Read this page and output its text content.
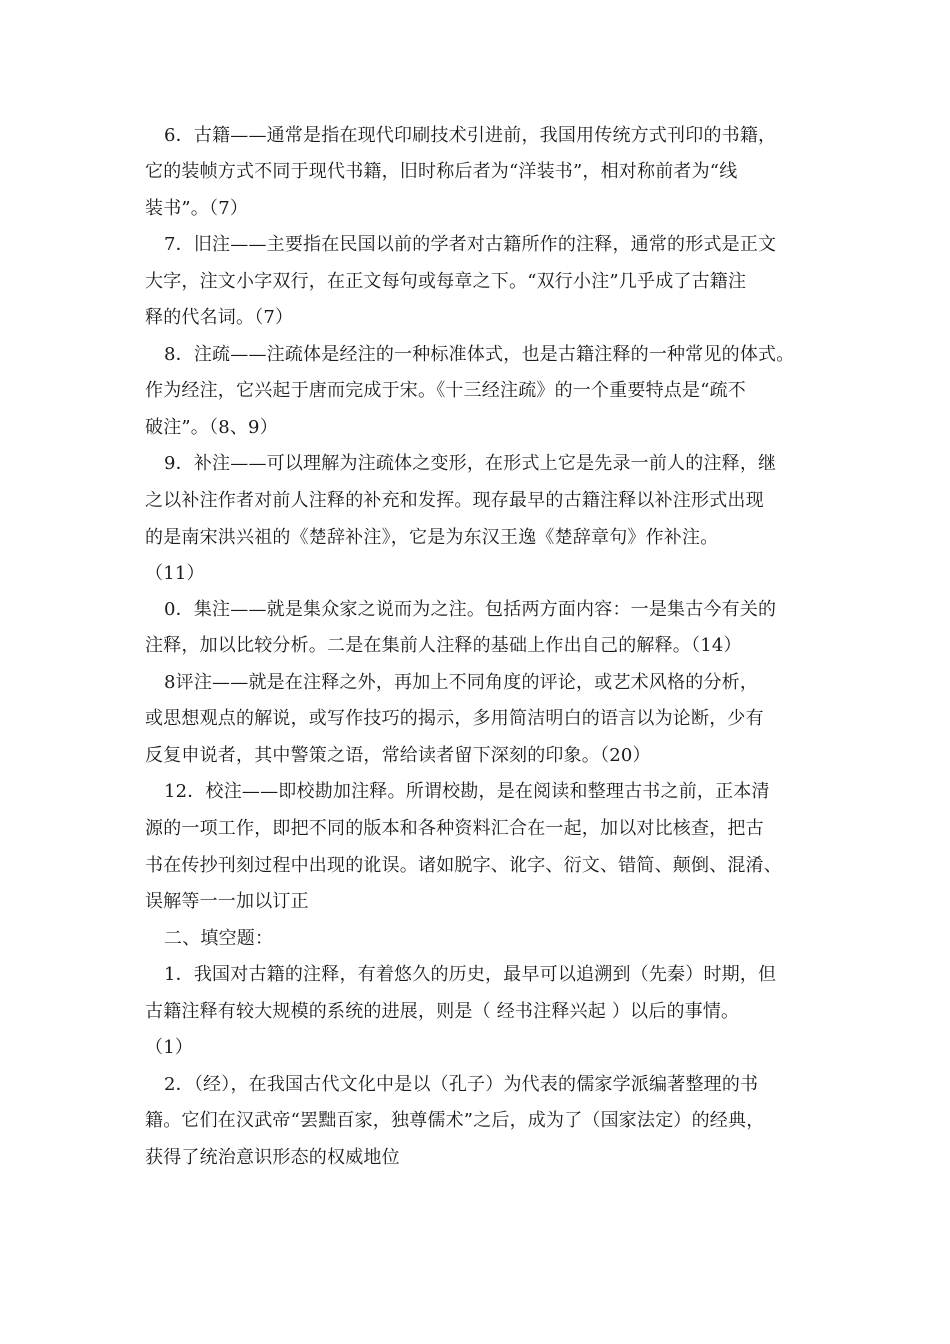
6．古籍——通常是指在现代印刷技术引进前，我国用传统方式刊印的书籍，
它的装帧方式不同于现代书籍，旧时称后者为“洋装书”，相对称前者为“线
装书”。（7）
7．旧注——主要指在民国以前的学者对古籍所作的注释，通常的形式是正文
大字，注文小字双行，在正文每句或每章之下。“双行小注”几乎成了古籍注
释的代名词。（7）
8．注疏——注疏体是经注的一种标准体式，也是古籍注释的一种常见的体式。
作为经注，它兴起于唐而完成于宋。《十三经注疏》的一个重要特点是“疏不
破注”。（8、9）
9．补注——可以理解为注疏体之变形，在形式上它是先录一前人的注释，继
之以补注作者对前人注释的补充和发挥。现存最早的古籍注释以补注形式出现
的是南宋洪兴祖的《楚辞补注》，它是为东汉王逸《楚辞章句》作补注。
（11）
0．集注——就是集众家之说而为之注。包括两方面内容：一是集古今有关的
注释，加以比较分析。二是在集前人注释的基础上作出自己的解释。（14）
8评注——就是在注释之外，再加上不同角度的评论，或艺术风格的分析，
或思想观点的解说，或写作技巧的揭示，多用简洁明白的语言以为论断，少有
反复申说者，其中警策之语，常给读者留下深刻的印象。（20）
12．校注——即校勘加注释。所谓校勘，是在阅读和整理古书之前，正本清
源的一项工作，即把不同的版本和各种资料汇合在一起，加以对比核查，把古
书在传抄刊刻过程中出现的讹误。诸如脱字、讹字、衍文、错简、颠倒、混淆、
误解等一一加以订正
二、填空题：
1．我国对古籍的注释，有着悠久的历史，最早可以追溯到（先秦）时期，但
古籍注释有较大规模的系统的进展，则是（ 经书注释兴起 ）以后的事情。
（1）
2．（经），在我国古代文化中是以（孔子）为代表的儒家学派编著整理的书
籍。它们在汉武帝“罢黜百家，独尊儒术”之后，成为了（国家法定）的经典，
获得了统治意识形态的权威地位
